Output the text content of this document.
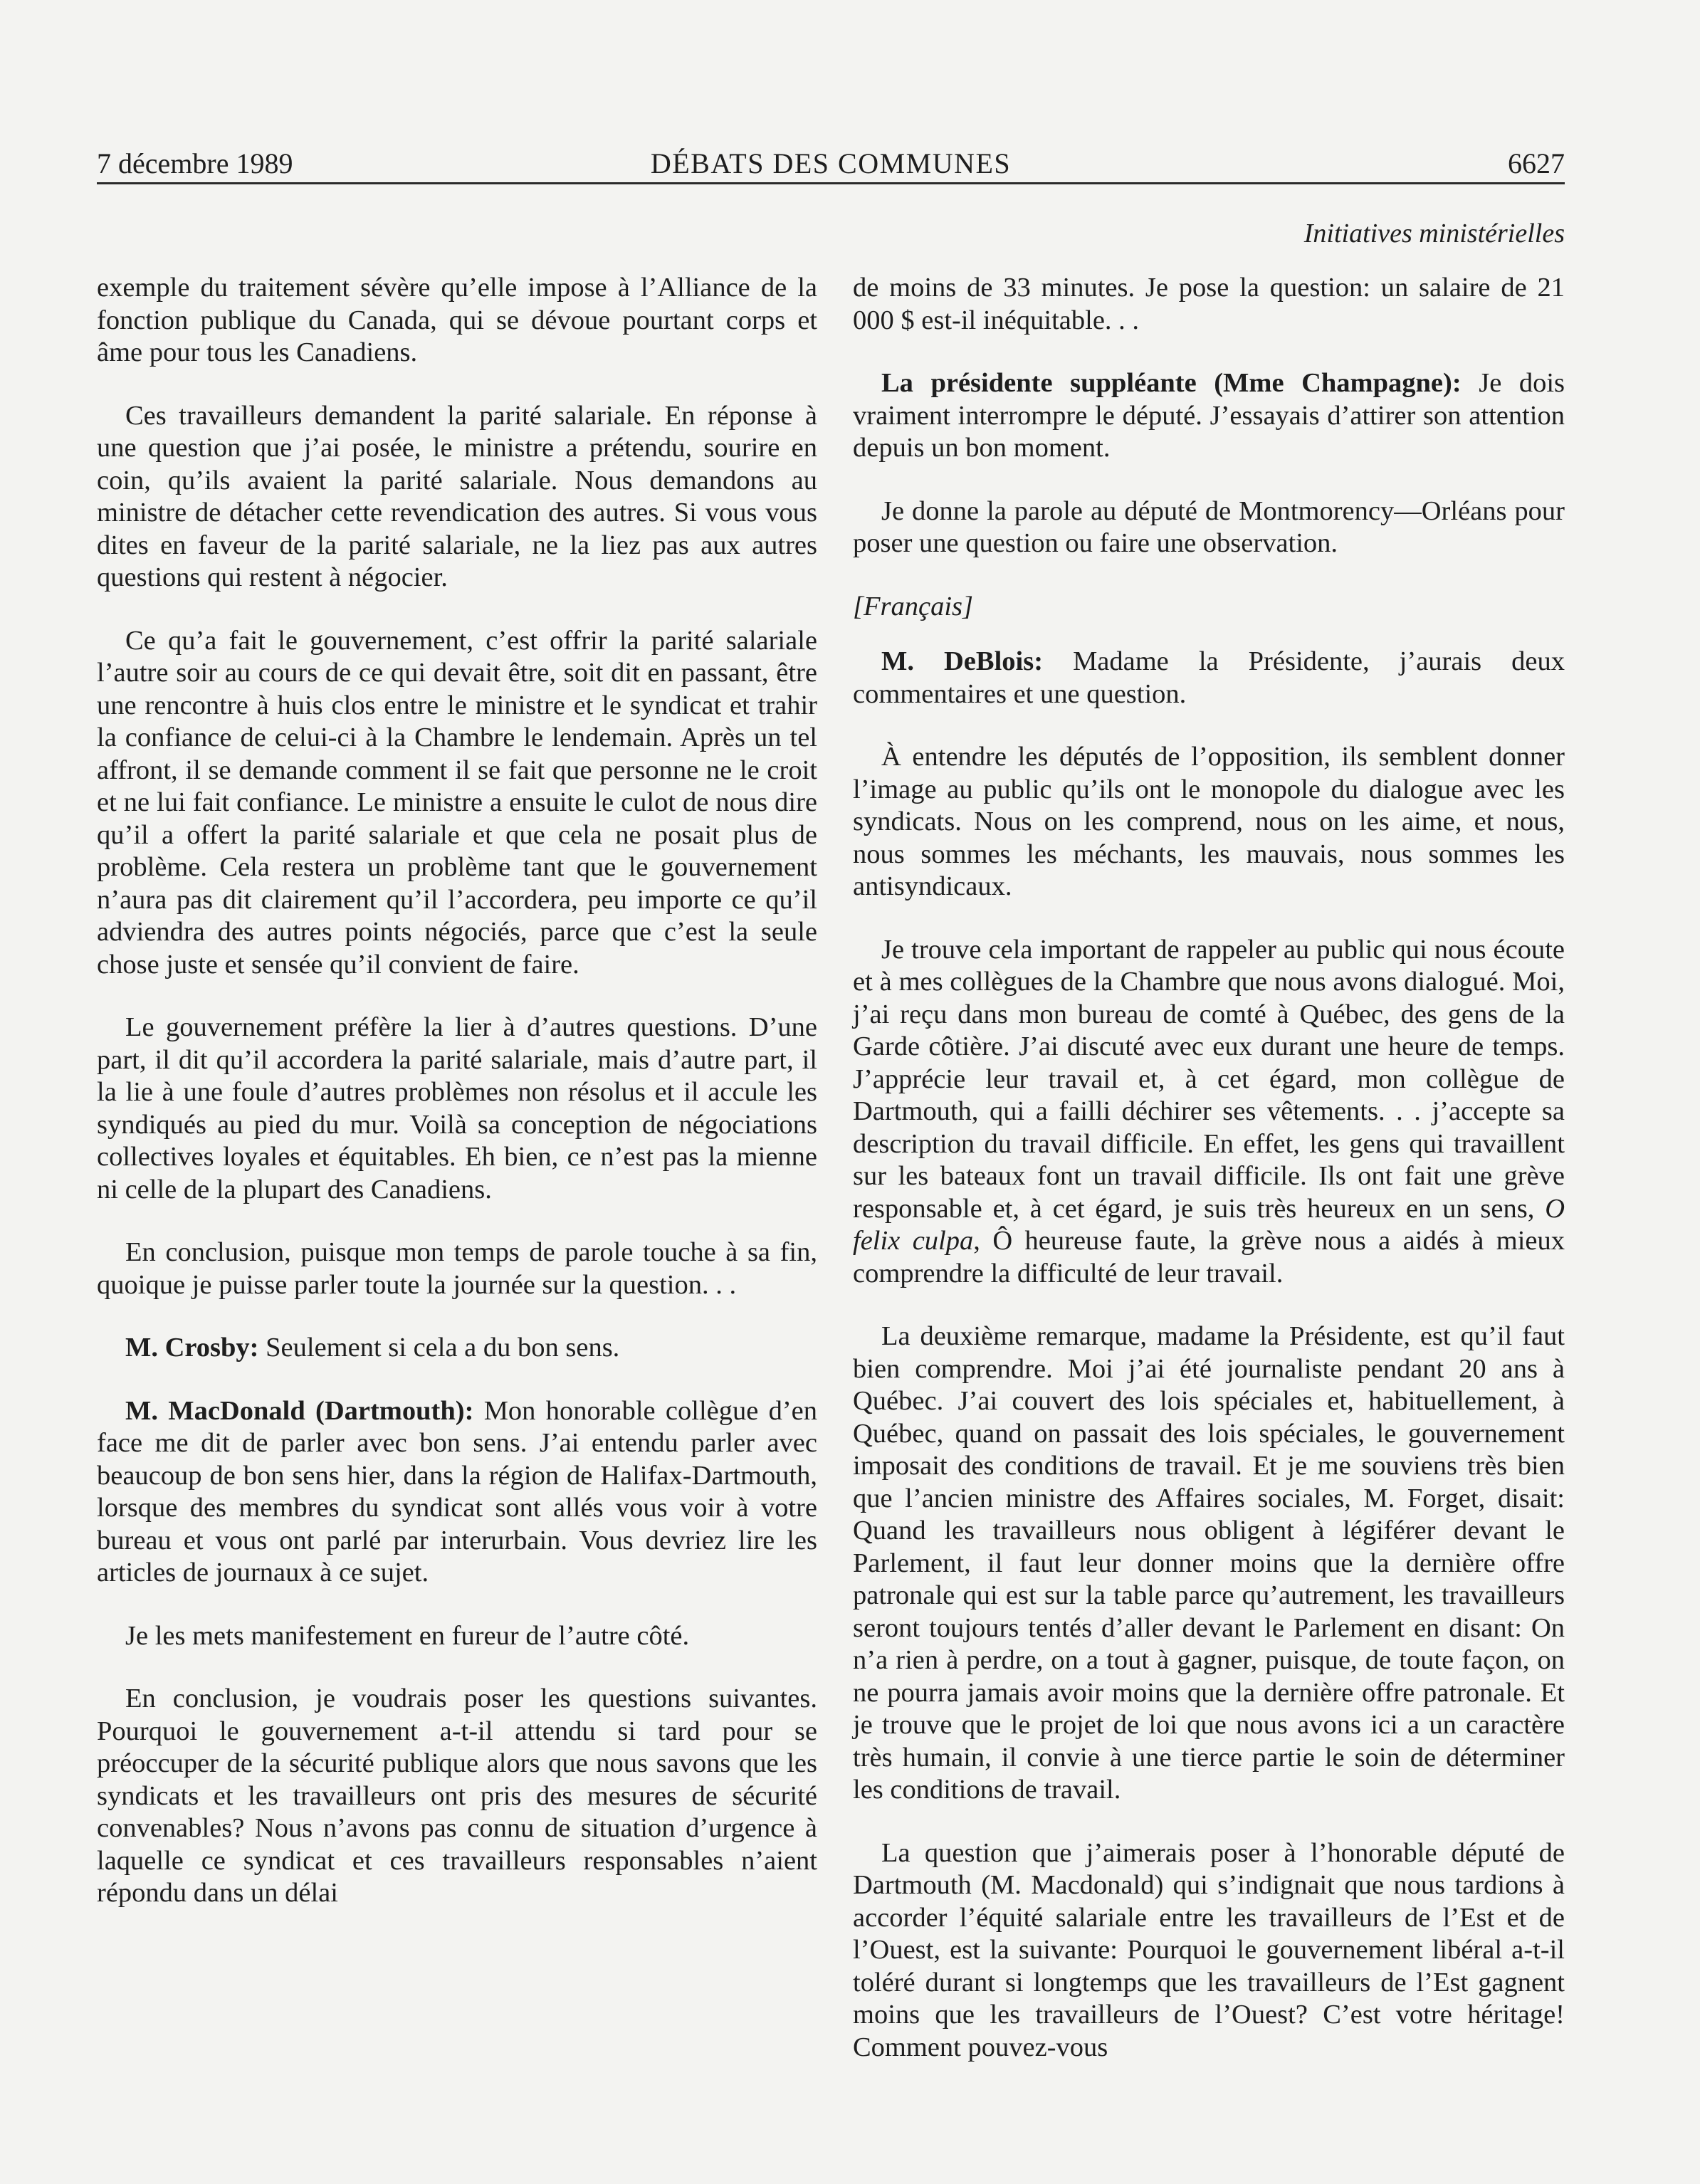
7 décembre 1989	DÉBATS DES COMMUNES	6627
Initiatives ministérielles

exemple du traitement sévère qu’elle impose à l’Alliance de la fonction publique du Canada, qui se dévoue pourtant corps et âme pour tous les Canadiens.

Ces travailleurs demandent la parité salariale. En réponse à une question que j’ai posée, le ministre a prétendu, sourire en coin, qu’ils avaient la parité salariale. Nous demandons au ministre de détacher cette revendication des autres. Si vous vous dites en faveur de la parité salariale, ne la liez pas aux autres questions qui restent à négocier.

Ce qu’a fait le gouvernement, c’est offrir la parité salariale l’autre soir au cours de ce qui devait être, soit dit en passant, être une rencontre à huis clos entre le ministre et le syndicat et trahir la confiance de celui-ci à la Chambre le lendemain. Après un tel affront, il se demande comment il se fait que personne ne le croit et ne lui fait confiance. Le ministre a ensuite le culot de nous dire qu’il a offert la parité salariale et que cela ne posait plus de problème. Cela restera un problème tant que le gouvernement n’aura pas dit clairement qu’il l’accordera, peu importe ce qu’il adviendra des autres points négociés, parce que c’est la seule chose juste et sensée qu’il convient de faire.

Le gouvernement préfère la lier à d’autres questions. D’une part, il dit qu’il accordera la parité salariale, mais d’autre part, il la lie à une foule d’autres problèmes non résolus et il accule les syndiqués au pied du mur. Voilà sa conception de négociations collectives loyales et équitables. Eh bien, ce n’est pas la mienne ni celle de la plupart des Canadiens.

En conclusion, puisque mon temps de parole touche à sa fin, quoique je puisse parler toute la journée sur la question. . .

M. Crosby: Seulement si cela a du bon sens.

M. MacDonald (Dartmouth): Mon honorable collègue d’en face me dit de parler avec bon sens. J’ai entendu parler avec beaucoup de bon sens hier, dans la région de Halifax-Dartmouth, lorsque des membres du syndicat sont allés vous voir à votre bureau et vous ont parlé par interurbain. Vous devriez lire les articles de journaux à ce sujet.

Je les mets manifestement en fureur de l’autre côté.

En conclusion, je voudrais poser les questions suivantes. Pourquoi le gouvernement a-t-il attendu si tard pour se préoccuper de la sécurité publique alors que nous savons que les syndicats et les travailleurs ont pris des mesures de sécurité convenables? Nous n’avons pas connu de situation d’urgence à laquelle ce syndicat et ces travailleurs responsables n’aient répondu dans un délai

de moins de 33 minutes. Je pose la question: un salaire de 21 000 $ est-il inéquitable. . .

La présidente suppléante (Mme Champagne): Je dois vraiment interrompre le député. J’essayais d’attirer son attention depuis un bon moment.

Je donne la parole au député de Montmorency—Orléans pour poser une question ou faire une observation.

[Français]

M. DeBlois: Madame la Présidente, j’aurais deux commentaires et une question.

À entendre les députés de l’opposition, ils semblent donner l’image au public qu’ils ont le monopole du dialogue avec les syndicats. Nous on les comprend, nous on les aime, et nous, nous sommes les méchants, les mauvais, nous sommes les antisyndicaux.

Je trouve cela important de rappeler au public qui nous écoute et à mes collègues de la Chambre que nous avons dialogué. Moi, j’ai reçu dans mon bureau de comté à Québec, des gens de la Garde côtière. J’ai discuté avec eux durant une heure de temps. J’apprécie leur travail et, à cet égard, mon collègue de Dartmouth, qui a failli déchirer ses vêtements. . . j’accepte sa description du travail difficile. En effet, les gens qui travaillent sur les bateaux font un travail difficile. Ils ont fait une grève responsable et, à cet égard, je suis très heureux en un sens, O felix culpa, Ô heureuse faute, la grève nous a aidés à mieux comprendre la difficulté de leur travail.

La deuxième remarque, madame la Présidente, est qu’il faut bien comprendre. Moi j’ai été journaliste pendant 20 ans à Québec. J’ai couvert des lois spéciales et, habituellement, à Québec, quand on passait des lois spéciales, le gouvernement imposait des conditions de travail. Et je me souviens très bien que l’ancien ministre des Affaires sociales, M. Forget, disait: Quand les travailleurs nous obligent à légiférer devant le Parlement, il faut leur donner moins que la dernière offre patronale qui est sur la table parce qu’autrement, les travailleurs seront toujours tentés d’aller devant le Parlement en disant: On n’a rien à perdre, on a tout à gagner, puisque, de toute façon, on ne pourra jamais avoir moins que la dernière offre patronale. Et je trouve que le projet de loi que nous avons ici a un caractère très humain, il convie à une tierce partie le soin de déterminer les conditions de travail.

La question que j’aimerais poser à l’honorable député de Dartmouth (M. Macdonald) qui s’indignait que nous tardions à accorder l’équité salariale entre les travailleurs de l’Est et de l’Ouest, est la suivante: Pourquoi le gouvernement libéral a-t-il toléré durant si longtemps que les travailleurs de l’Est gagnent moins que les travailleurs de l’Ouest? C’est votre héritage! Comment pouvez-vous
